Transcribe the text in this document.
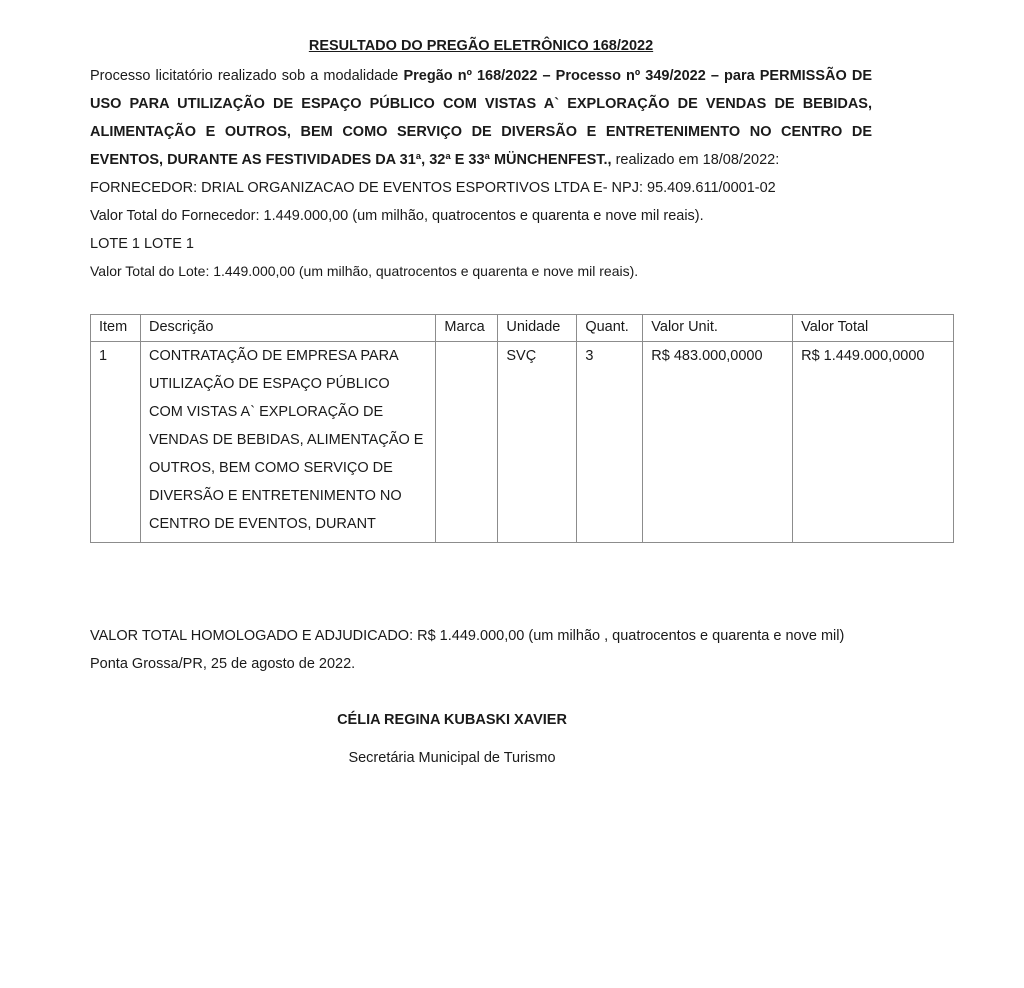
RESULTADO DO PREGÃO ELETRÔNICO 168/2022

Processo licitatório realizado sob a modalidade Pregão nº 168/2022 – Processo nº 349/2022 – para PERMISSÃO DE USO PARA UTILIZAÇÃO DE ESPAÇO PÚBLICO COM VISTAS A` EXPLORAÇÃO DE VENDAS DE BEBIDAS, ALIMENTAÇÃO E OUTROS, BEM COMO SERVIÇO DE DIVERSÃO E ENTRETENIMENTO NO CENTRO DE EVENTOS, DURANTE AS FESTIVIDADES DA 31ª, 32ª E 33ª MÜNCHENFEST., realizado em 18/08/2022:

FORNECEDOR: DRIAL ORGANIZACAO DE EVENTOS ESPORTIVOS LTDA E- NPJ: 95.409.611/0001-02

Valor Total do Fornecedor: 1.449.000,00 (um milhão, quatrocentos e quarenta e nove mil reais).

LOTE 1 LOTE 1

Valor Total do Lote: 1.449.000,00 (um milhão, quatrocentos e quarenta e nove mil reais).

Item	Descrição	Marca	Unidade	Quant.	Valor Unit.	Valor Total
1	CONTRATAÇÃO DE EMPRESA PARA UTILIZAÇÃO DE ESPAÇO PÚBLICO COM VISTAS A` EXPLORAÇÃO DE VENDAS DE BEBIDAS, ALIMENTAÇÃO E OUTROS, BEM COMO SERVIÇO DE DIVERSÃO E ENTRETENIMENTO NO CENTRO DE EVENTOS, DURANT		SVÇ	3	R$ 483.000,0000	R$ 1.449.000,0000

VALOR TOTAL HOMOLOGADO E ADJUDICADO: R$ 1.449.000,00 (um milhão , quatrocentos e quarenta e nove mil)

Ponta Grossa/PR, 25 de agosto de 2022.

CÉLIA REGINA KUBASKI XAVIER

Secretária Municipal de Turismo
